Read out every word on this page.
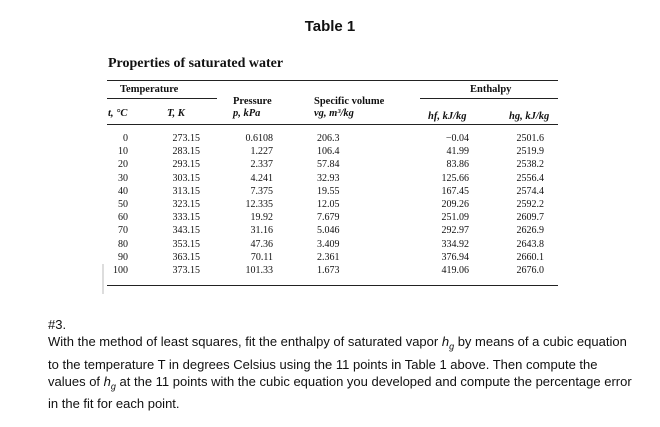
Table 1
Properties of saturated water
Temperature	Enthalpy
Pressure	Specific volume
t, °C	T, K	p, kPa	νg, m³/kg	hf, kJ/kg	hg, kJ/kg
0	273.15	0.6108	206.3	−0.04	2501.6
10	283.15	1.227	106.4	41.99	2519.9
20	293.15	2.337	57.84	83.86	2538.2
30	303.15	4.241	32.93	125.66	2556.4
40	313.15	7.375	19.55	167.45	2574.4
50	323.15	12.335	12.05	209.26	2592.2
60	333.15	19.92	7.679	251.09	2609.7
70	343.15	31.16	5.046	292.97	2626.9
80	353.15	47.36	3.409	334.92	2643.8
90	363.15	70.11	2.361	376.94	2660.1
100	373.15	101.33	1.673	419.06	2676.0

#3.

With the method of least squares, fit the enthalpy of saturated vapor $h_g$ by means of a cubic equation to the temperature T in degrees Celsius using the 11 points in Table 1 above. Then compute the values of $h_g$ at the 11 points with the cubic equation you developed and compute the percentage error in the fit for each point.
